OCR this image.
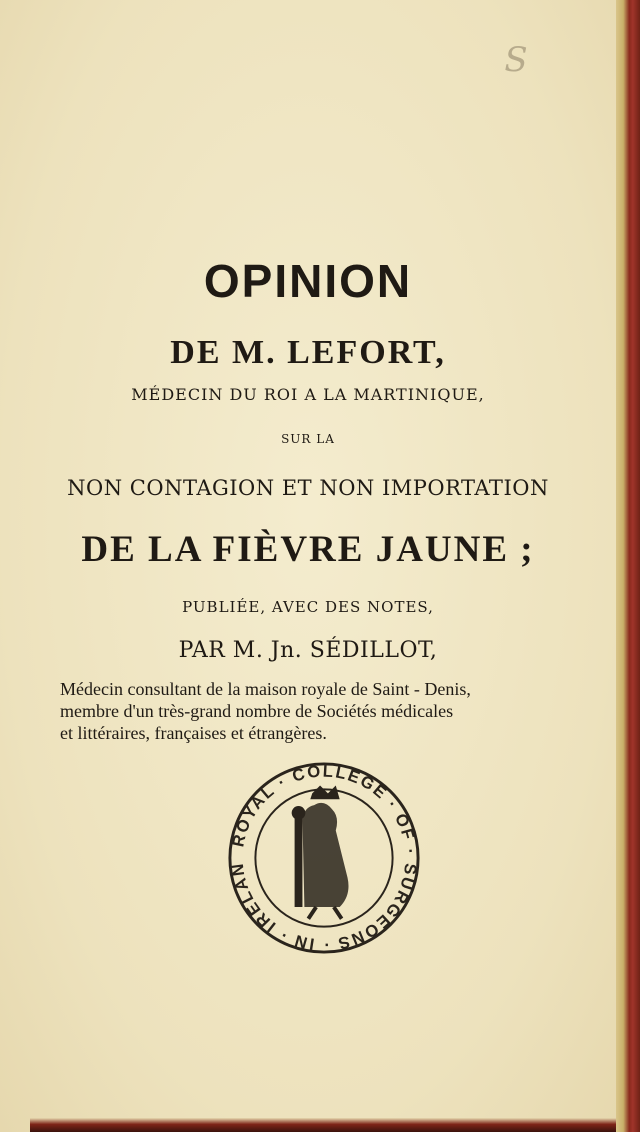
S
OPINION
DE M. LEFORT,
MÉDECIN DU ROI A LA MARTINIQUE,
SUR LA
NON CONTAGION ET NON IMPORTATION
DE LA FIÈVRE JAUNE ;
PUBLIÉE, AVEC DES NOTES,
PAR M. Jn. SÉDILLOT,
Médecin consultant de la maison royale de Saint - Denis,
membre d'un très-grand nombre de Sociétés médicales
et littéraires, françaises et étrangères.
ROYAL · COLLEGE · OF · SURGEONS · IN · IRELAN
